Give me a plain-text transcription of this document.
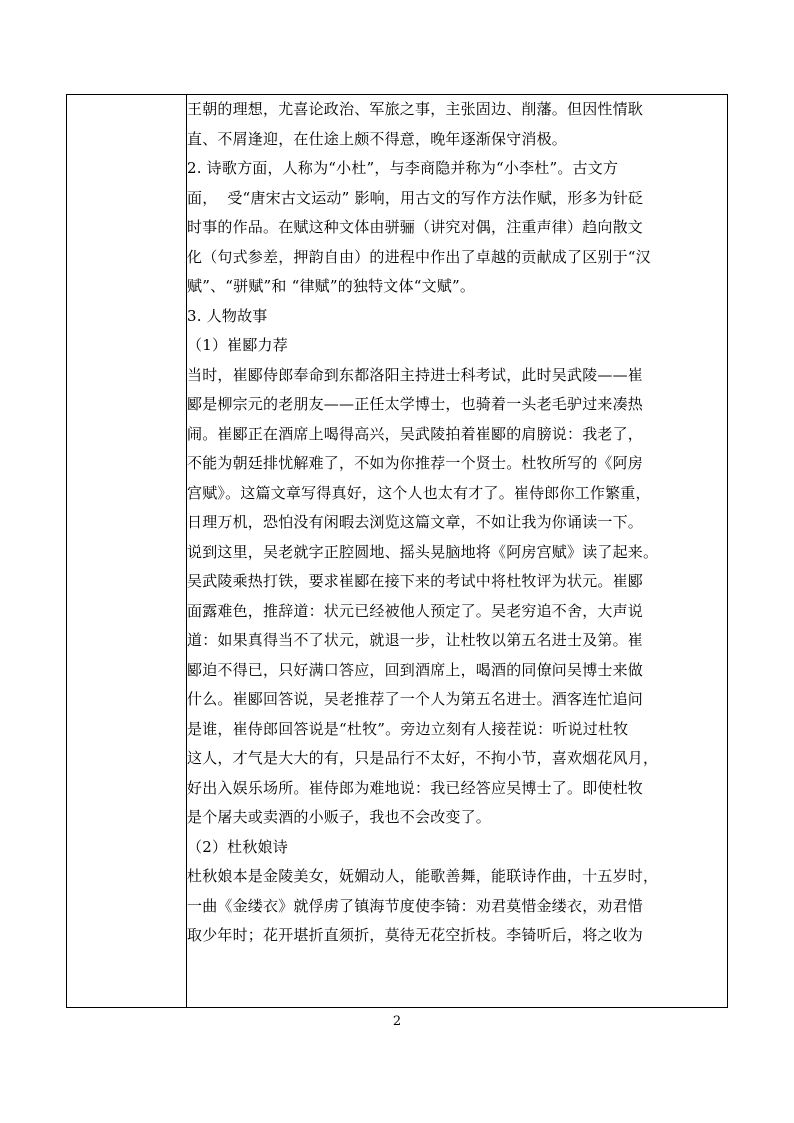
王朝的理想，尤喜论政治、军旅之事，主张固边、削藩。但因性情耿
直、不屑逢迎，在仕途上颇不得意，晚年逐渐保守消极。
2. 诗歌方面，人称为“小杜”，与李商隐并称为“小李杜”。古文方
面，  受“唐宋古文运动” 影响，用古文的写作方法作赋，形多为针砭
时事的作品。在赋这种文体由骈骊（讲究对偶，注重声律）趋向散文
化（句式参差，押韵自由）的进程中作出了卓越的贡献成了区别于“汉
赋”、“骈赋”和 “律赋”的独特文体“文赋”。
3. 人物故事
（1）崔郾力荐
当时，崔郾侍郎奉命到东都洛阳主持进士科考试，此时吴武陵——崔
郾是柳宗元的老朋友——正任太学博士，也骑着一头老毛驴过来凑热
闹。崔郾正在酒席上喝得高兴，吴武陵拍着崔郾的肩膀说：我老了，
不能为朝廷排忧解难了，不如为你推荐一个贤士。杜牧所写的《阿房
宫赋》。这篇文章写得真好，这个人也太有才了。崔侍郎你工作繁重，
日理万机，恐怕没有闲暇去浏览这篇文章，不如让我为你诵读一下。
说到这里，吴老就字正腔圆地、摇头晃脑地将《阿房宫赋》读了起来。
吴武陵乘热打铁，要求崔郾在接下来的考试中将杜牧评为状元。崔郾
面露难色，推辞道：状元已经被他人预定了。吴老穷追不舍，大声说
道：如果真得当不了状元，就退一步，让杜牧以第五名进士及第。崔
郾迫不得已，只好满口答应，回到酒席上，喝酒的同僚问吴博士来做
什么。崔郾回答说，吴老推荐了一个人为第五名进士。酒客连忙追问
是谁，崔侍郎回答说是“杜牧”。旁边立刻有人接茬说：听说过杜牧
这人，才气是大大的有，只是品行不太好，不拘小节，喜欢烟花风月，
好出入娱乐场所。崔侍郎为难地说：我已经答应吴博士了。即使杜牧
是个屠夫或卖酒的小贩子，我也不会改变了。
（2）杜秋娘诗
杜秋娘本是金陵美女，妩媚动人，能歌善舞，能联诗作曲，十五岁时，
一曲《金缕衣》就俘虏了镇海节度使李锜：劝君莫惜金缕衣，劝君惜
取少年时；花开堪折直须折，莫待无花空折枝。李锜听后，将之收为
2
